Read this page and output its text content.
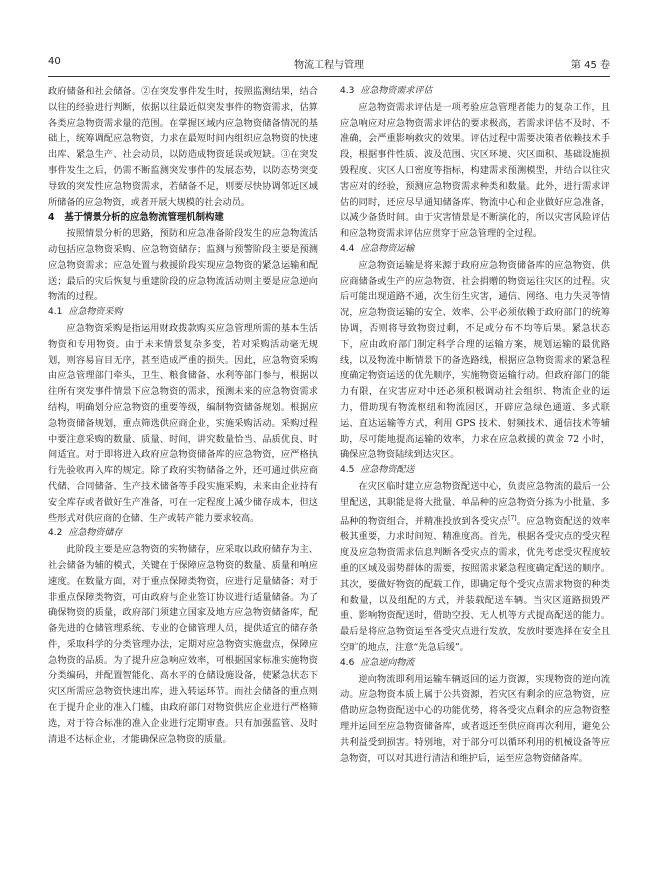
40	物流工程与管理	第 45 卷

政府储备和社会储备。②在突发事件发生时，按照监测结果，结合以往的经验进行判断，依据以往最近似突发事件的物资需求，估算各类应急物资需求量的范围。在掌握区域内应急物资储备情况的基础上，统筹调配应急物资，力求在最短时间内组织应急物资的快速出库、紧急生产、社会动员，以防造成物资延误或短缺。③在突发事件发生之后，仍需不断监测突发事件的发展态势，以防态势突变导致的突发性应急物资需求，若储备不足，则要尽快协调邻近区域所储备的应急物资，或者开展大规模的社会动员。

4 基于情景分析的应急物流管理机制构建

按照情景分析的思路，预防和应急准备阶段发生的应急物流活动包括应急物资采购、应急物资储存；监测与预警阶段主要是预测应急物资需求；应急处置与救援阶段实现应急物资的紧急运输和配送；最后的灾后恢复与重建阶段的应急物流活动则主要是应急逆向物流的过程。

4.1 应急物资采购

应急物资采购是指运用财政拨款购买应急管理所需的基本生活物资和专用物资。由于未来情景复杂多变，若对采购活动毫无规划，则容易盲目无序，甚至造成严重的损失。因此，应急物资采购由应急管理部门牵头，卫生、粮食储备、水利等部门参与，根据以往所有突发事件情景下应急物资的需求，预测未来的应急物资需求结构，明确划分应急物资的重要等级，编制物资储备规划。根据应急物资储备规划，重点筛选供应商企业，实施采购活动。采购过程中要注意采购的数量、质量、时间，讲究数量恰当、品质优良、时间适宜。对于即将进入政府应急物资储备库的应急物资，应严格执行先验收再入库的规定。除了政府实物储备之外，还可通过供应商代储、合同储备、生产技术储备等手段实施采购，未来由企业持有安全库存或者做好生产准备，可在一定程度上减少储存成本，但这些形式对供应商的仓储、生产或转产能力要求较高。

4.2 应急物资储存

此阶段主要是应急物资的实物储存，应采取以政府储存为主、社会储备为辅的模式，关键在于保障应急物资的数量、质量和响应速度。在数量方面，对于重点保障类物资，应进行足量储备；对于非重点保障类物资，可由政府与企业签订协议进行适量储备。为了确保物资的质量，政府部门须建立国家及地方应急物资储备库，配备先进的仓储管理系统、专业的仓储管理人员，提供适宜的储存条件，采取科学的分类管理办法，定期对应急物资实施盘点，保障应急物资的品质。为了提升应急响应效率，可根据国家标准实施物资分类编码，并配置智能化、高水平的仓储设施设备，使紧急状态下灾区所需应急物资快速出库，进入转运环节。而社会储备的重点则在于提升企业的准入门槛，由政府部门对物资供应企业进行严格筛选，对于符合标准的准入企业进行定期审查。只有加强监管、及时清退不达标企业，才能确保应急物资的质量。

4.3 应急物资需求评估

应急物资需求评估是一项考验应急管理者能力的复杂工作，且应急响应对应急物资需求评估的要求极高，若需求评估不及时、不准确，会严重影响救灾的效果。评估过程中需要决策者依赖技术手段，根据事件性质、波及范围、灾区环境、灾区面积、基础设施损毁程度、灾区人口密度等指标，构建需求预测模型，并结合以往灾害应对的经验，预测应急物资需求种类和数量。此外，进行需求评估的同时，还应尽早通知储备库、物流中心和企业做好应急准备，以减少备货时间。由于灾害情景是不断演化的，所以灾害风险评估和应急物资需求评估应贯穿于应急管理的全过程。

4.4 应急物资运输

应急物资运输是将来源于政府应急物资储备库的应急物资、供应商储备或生产的应急物资、社会捐赠的物资运往灾区的过程。灾后可能出现道路不通，次生衍生灾害，通信、网络、电力失灵等情况，应急物资运输的安全、效率、公平必须依赖于政府部门的统筹协调，否则将导致物资过剩，不足或分布不均等后果。紧急状态下，应由政府部门制定科学合理的运输方案，规划运输的最优路线，以及物流中断情景下的备选路线，根据应急物资需求的紧急程度确定物资运送的优先顺序，实施物资运输行动。但政府部门的能力有限，在灾害应对中还必须积极调动社会组织、物流企业的运力，借助现有物流枢纽和物流园区，开辟应急绿色通道、多式联运、直达运输等方式，利用 GPS 技术、射频技术、通信技术等辅助，尽可能地提高运输的效率，力求在应急救援的黄金 72 小时，确保应急物资陆续到达灾区。

4.5 应急物资配送

在灾区临时建立应急物资配送中心，负责应急物流的最后一公里配送，其职能是将大批量、单品种的应急物资分拣为小批量、多品种的物资组合，并精准投放到各受灾点[7]。应急物资配送的效率极其重要，力求时间短、精准度高。首先，根据各受灾点的受灾程度及应急物资需求信息判断各受灾点的需求，优先考虑受灾程度较重的区域及弱势群体的需要，按照需求紧急程度确定配送的顺序。其次，要做好物资的配载工作，即确定每个受灾点需求物资的种类和数量，以及组配的方式，并装载配送车辆。当灾区道路损毁严重、影响物资配送时，借助空投、无人机等方式提高配送的能力。最后是将应急物资运至各受灾点进行发放，发放时要选择在安全且空旷的地点，注意“先急后缓”。

4.6 应急逆向物流

逆向物流即利用运输车辆返回的运力资源，实现物资的逆向流动。应急物资本质上属于公共资源，若灾区有剩余的应急物资，应借助应急物资配送中心的功能优势，将各受灾点剩余的应急物资整理并运回至应急物资储备库，或者返还至供应商再次利用，避免公共利益受到损害。特别地，对于部分可以循环利用的机械设备等应急物资，可以对其进行清洁和维护后，运至应急物资储备库。
